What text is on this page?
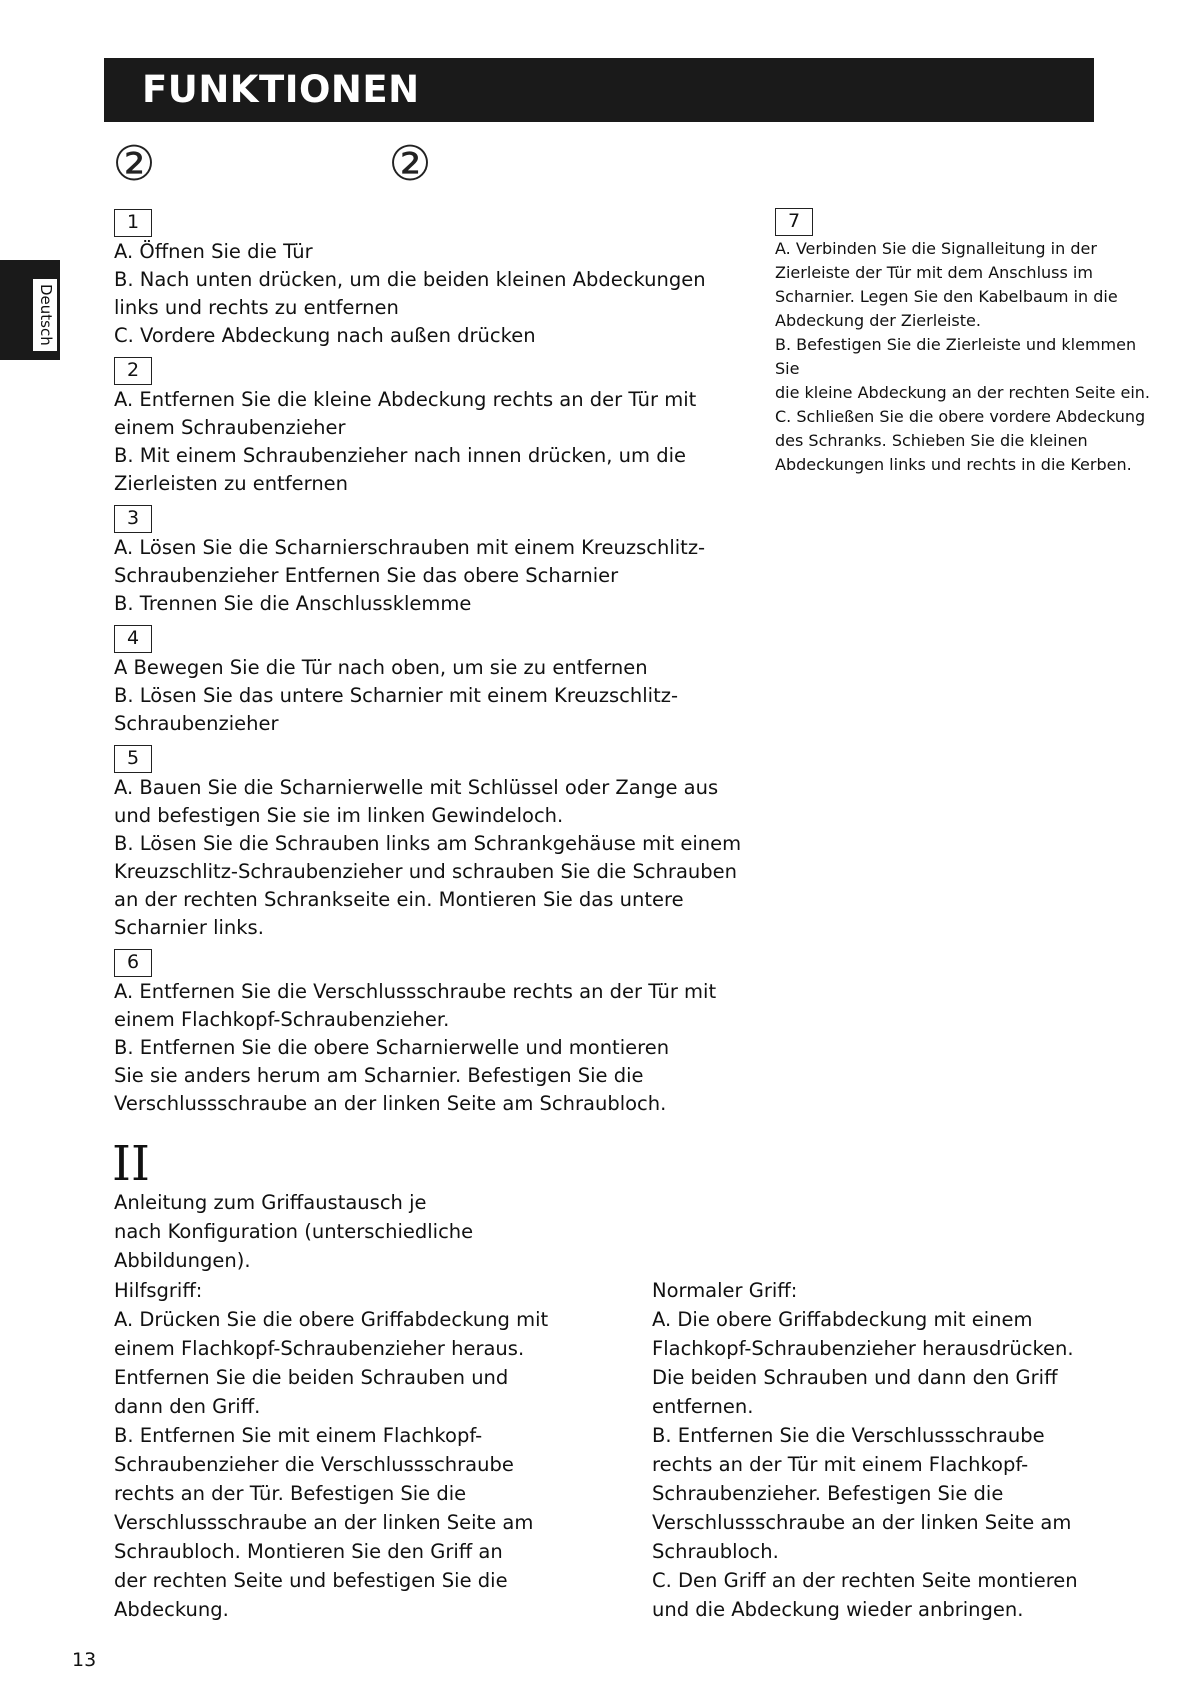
FUNKTIONEN
Deutsch
②	②
1
A. Öffnen Sie die Tür
B. Nach unten drücken, um die beiden kleinen Abdeckungen
links und rechts zu entfernen
C. Vordere Abdeckung nach außen drücken
2
A. Entfernen Sie die kleine Abdeckung rechts an der Tür mit
einem Schraubenzieher
B. Mit einem Schraubenzieher nach innen drücken, um die
Zierleisten zu entfernen
3
A. Lösen Sie die Scharnierschrauben mit einem Kreuzschlitz-
Schraubenzieher Entfernen Sie das obere Scharnier
B. Trennen Sie die Anschlussklemme
4
A Bewegen Sie die Tür nach oben, um sie zu entfernen
B. Lösen Sie das untere Scharnier mit einem Kreuzschlitz-
Schraubenzieher
5
A. Bauen Sie die Scharnierwelle mit Schlüssel oder Zange aus
und befestigen Sie sie im linken Gewindeloch.
B. Lösen Sie die Schrauben links am Schrankgehäuse mit einem
Kreuzschlitz-Schraubenzieher und schrauben Sie die Schrauben
an der rechten Schrankseite ein. Montieren Sie das untere
Scharnier links.
6
A. Entfernen Sie die Verschlussschraube rechts an der Tür mit
einem Flachkopf-Schraubenzieher.
B. Entfernen Sie die obere Scharnierwelle und montieren
Sie sie anders herum am Scharnier. Befestigen Sie die
Verschlussschraube an der linken Seite am Schraubloch.
7
A. Verbinden Sie die Signalleitung in der
Zierleiste der Tür mit dem Anschluss im
Scharnier. Legen Sie den Kabelbaum in die
Abdeckung der Zierleiste.
B. Befestigen Sie die Zierleiste und klemmen Sie
die kleine Abdeckung an der rechten Seite ein.
C. Schließen Sie die obere vordere Abdeckung
des Schranks. Schieben Sie die kleinen
Abdeckungen links und rechts in die Kerben.
II
Anleitung zum Griffaustausch je
nach Konfiguration (unterschiedliche
Abbildungen).
Hilfsgriff:
A. Drücken Sie die obere Griffabdeckung mit
einem Flachkopf-Schraubenzieher heraus.
Entfernen Sie die beiden Schrauben und
dann den Griff.
B. Entfernen Sie mit einem Flachkopf-
Schraubenzieher die Verschlussschraube
rechts an der Tür. Befestigen Sie die
Verschlussschraube an der linken Seite am
Schraubloch. Montieren Sie den Griff an
der rechten Seite und befestigen Sie die
Abdeckung.
Normaler Griff:
A. Die obere Griffabdeckung mit einem
Flachkopf-Schraubenzieher herausdrücken.
Die beiden Schrauben und dann den Griff
entfernen.
B. Entfernen Sie die Verschlussschraube
rechts an der Tür mit einem Flachkopf-
Schraubenzieher. Befestigen Sie die
Verschlussschraube an der linken Seite am
Schraubloch.
C. Den Griff an der rechten Seite montieren
und die Abdeckung wieder anbringen.
13
